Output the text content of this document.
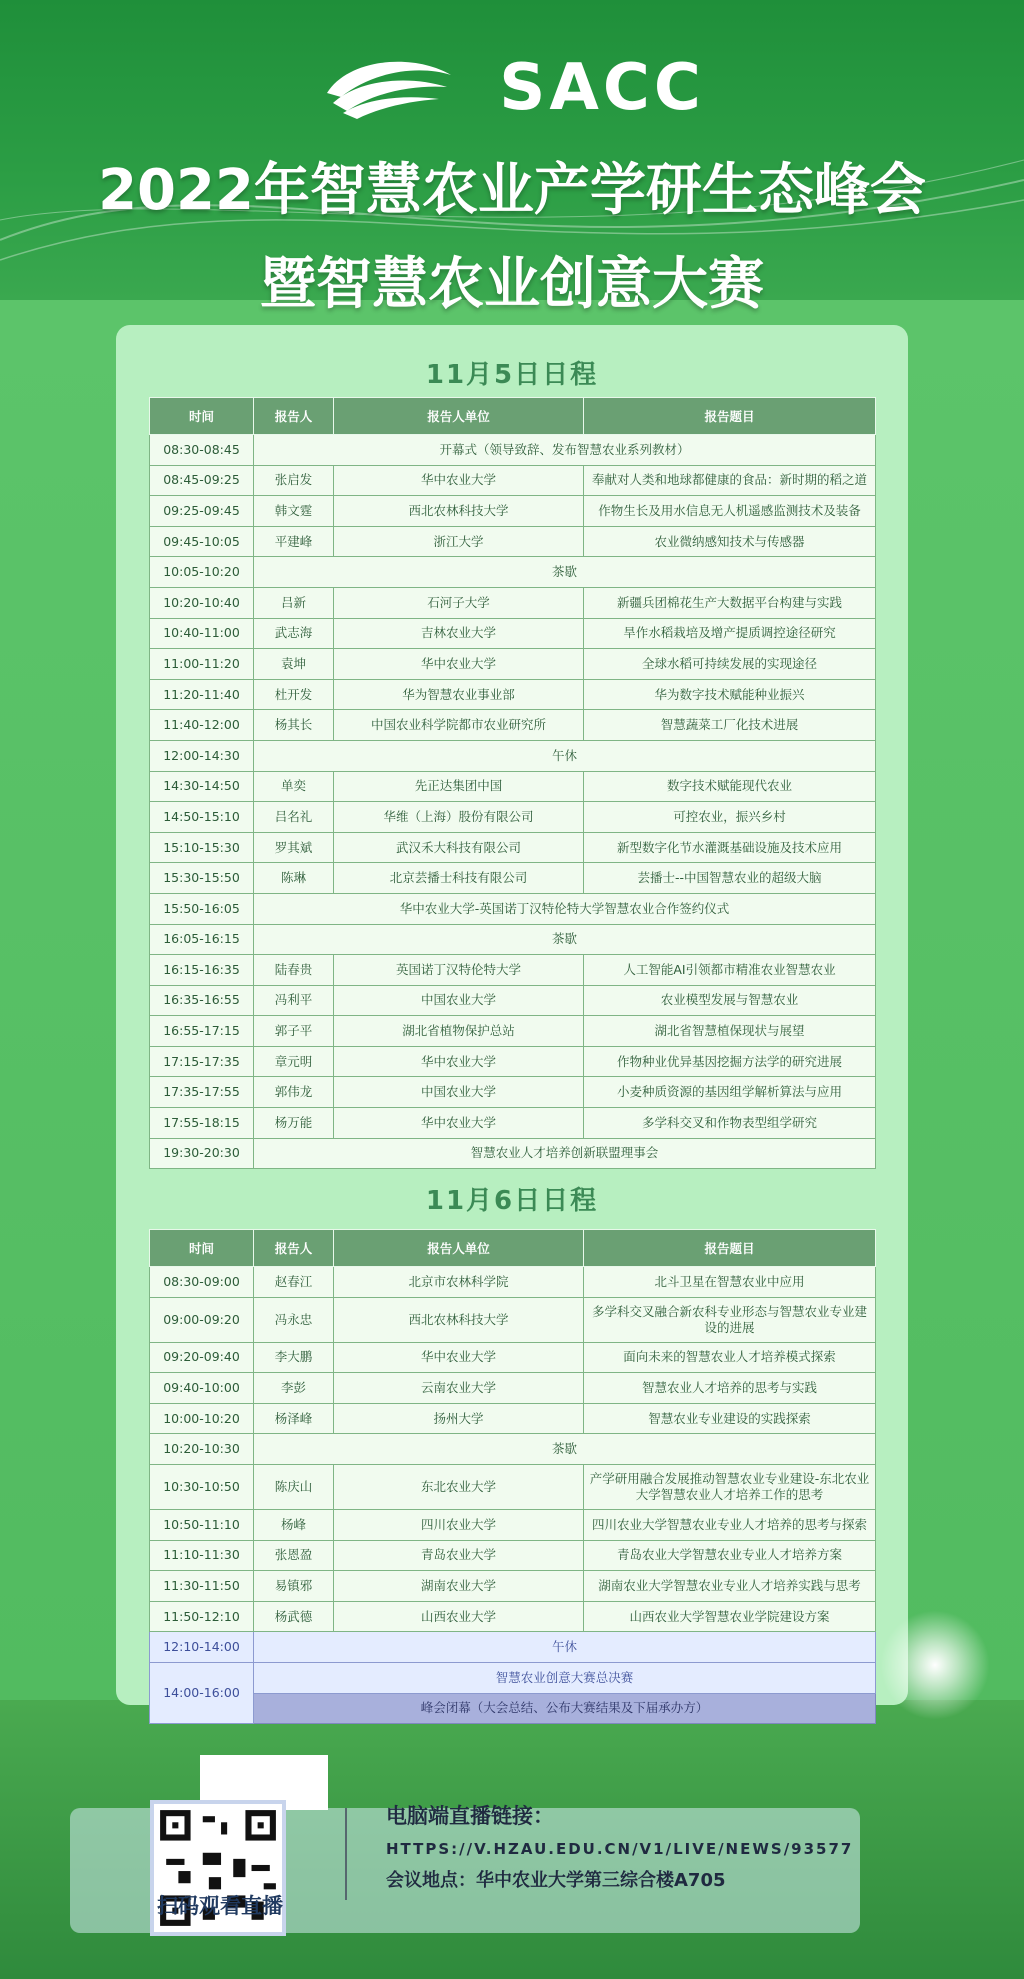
SACC
2022年智慧农业产学研生态峰会
暨智慧农业创意大赛
11月5日日程
时间	报告人	报告人单位	报告题目
08:30-08:45	开幕式（领导致辞、发布智慧农业系列教材）		
08:45-09:25	张启发	华中农业大学	奉献对人类和地球都健康的食品：新时期的稻之道
09:25-09:45	韩文霆	西北农林科技大学	作物生长及用水信息无人机遥感监测技术及装备
09:45-10:05	平建峰	浙江大学	农业微纳感知技术与传感器
10:05-10:20	茶歇		
10:20-10:40	吕新	石河子大学	新疆兵团棉花生产大数据平台构建与实践
10:40-11:00	武志海	吉林农业大学	旱作水稻栽培及增产提质调控途径研究
11:00-11:20	袁坤	华中农业大学	全球水稻可持续发展的实现途径
11:20-11:40	杜开发	华为智慧农业事业部	华为数字技术赋能种业振兴
11:40-12:00	杨其长	中国农业科学院都市农业研究所	智慧蔬菜工厂化技术进展
12:00-14:30	午休		
14:30-14:50	单奕	先正达集团中国	数字技术赋能现代农业
14:50-15:10	吕名礼	华维（上海）股份有限公司	可控农业，振兴乡村
15:10-15:30	罗其斌	武汉禾大科技有限公司	新型数字化节水灌溉基础设施及技术应用
15:30-15:50	陈琳	北京芸播士科技有限公司	芸播士--中国智慧农业的超级大脑
15:50-16:05	华中农业大学-英国诺丁汉特伦特大学智慧农业合作签约仪式		
16:05-16:15	茶歇		
16:15-16:35	陆春贵	英国诺丁汉特伦特大学	人工智能AI引领都市精准农业智慧农业
16:35-16:55	冯利平	中国农业大学	农业模型发展与智慧农业
16:55-17:15	郭子平	湖北省植物保护总站	湖北省智慧植保现状与展望
17:15-17:35	章元明	华中农业大学	作物种业优异基因挖掘方法学的研究进展
17:35-17:55	郭伟龙	中国农业大学	小麦种质资源的基因组学解析算法与应用
17:55-18:15	杨万能	华中农业大学	多学科交叉和作物表型组学研究
19:30-20:30	智慧农业人才培养创新联盟理事会		
11月6日日程
时间	报告人	报告人单位	报告题目
08:30-09:00	赵春江	北京市农林科学院	北斗卫星在智慧农业中应用
09:00-09:20	冯永忠	西北农林科技大学	多学科交叉融合新农科专业形态与智慧农业专业建设的进展
09:20-09:40	李大鹏	华中农业大学	面向未来的智慧农业人才培养模式探索
09:40-10:00	李彭	云南农业大学	智慧农业人才培养的思考与实践
10:00-10:20	杨泽峰	扬州大学	智慧农业专业建设的实践探索
10:20-10:30	茶歇		
10:30-10:50	陈庆山	东北农业大学	产学研用融合发展推动智慧农业专业建设-东北农业大学智慧农业人才培养工作的思考
10:50-11:10	杨峰	四川农业大学	四川农业大学智慧农业专业人才培养的思考与探索
11:10-11:30	张恩盈	青岛农业大学	青岛农业大学智慧农业专业人才培养方案
11:30-11:50	易镇邪	湖南农业大学	湖南农业大学智慧农业专业人才培养实践与思考
11:50-12:10	杨武德	山西农业大学	山西农业大学智慧农业学院建设方案
12:10-14:00	午休		
14:00-16:00	智慧农业创意大赛总决赛		
	峰会闭幕（大会总结、公布大赛结果及下届承办方）		
扫码观看直播
电脑端直播链接：
HTTPS://V.HZAU.EDU.CN/V1/LIVE/NEWS/93577
会议地点：华中农业大学第三综合楼A705
